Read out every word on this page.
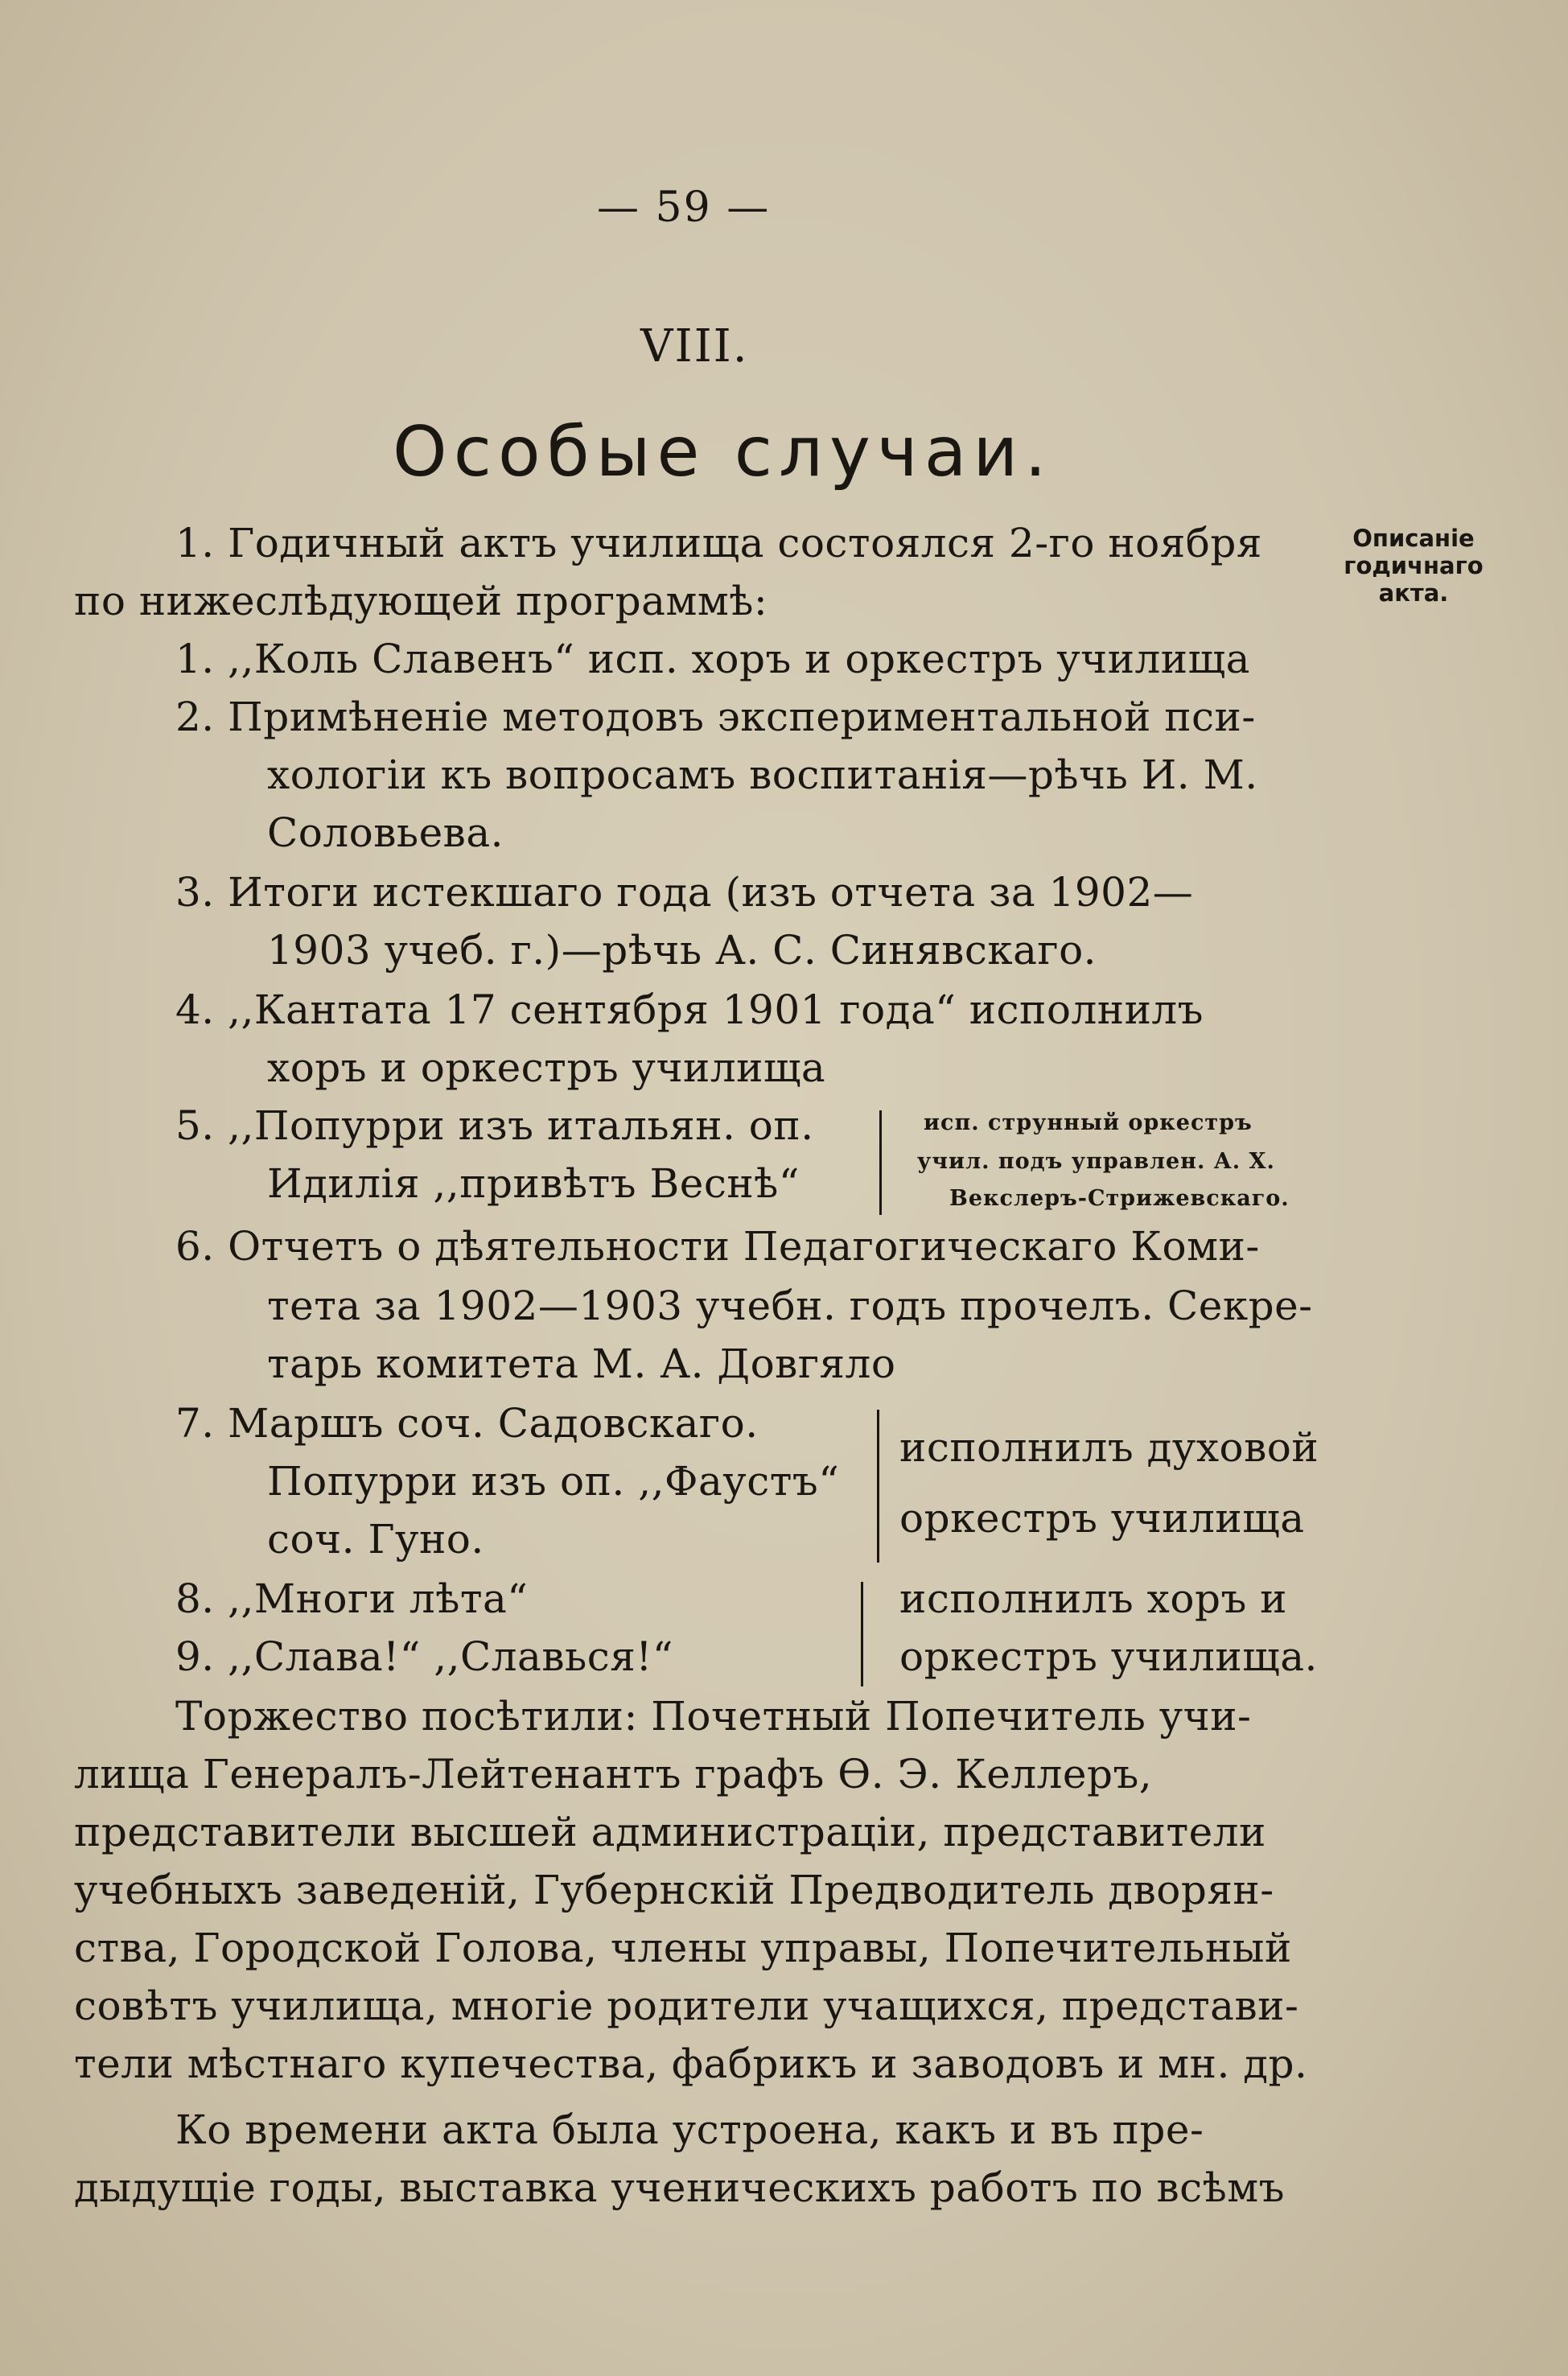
— 59 —
VIII.
Особые случаи.
Описаніе годичнаго акта.
1. Годичный актъ училища состоялся 2-го ноября
по нижеслѣдующей программѣ:
1. ,,Коль Славенъ“ исп. хоръ и оркестръ училища
2. Примѣненіе методовъ экспериментальной пси-
хологіи къ вопросамъ воспитанія—рѣчь И. М.
Соловьева.
3. Итоги истекшаго года (изъ отчета за 1902—
1903 учеб. г.)—рѣчь А. С. Синявскаго.
4. ,,Кантата 17 сентября 1901 года“ исполнилъ
хоръ и оркестръ училища
5. ,,Попурри изъ итальян. оп.
Идилія ,,привѣтъ Веснѣ“
исп. струнный оркестръ
учил. подъ управлен. А. Х.
Векслеръ-Стрижевскаго.
6. Отчетъ о дѣятельности Педагогическаго Коми-
тета за 1902—1903 учебн. годъ прочелъ. Секре-
тарь комитета М. А. Довгяло
7. Маршъ соч. Садовскаго.
Попурри изъ оп. ,,Фаустъ“
соч. Гуно.
исполнилъ духовой
оркестръ училища
8. ,,Многи лѣта“
9. ,,Слава!“ ,,Славься!“
исполнилъ хоръ и
оркестръ училища.
Торжество посѣтили: Почетный Попечитель учи-
лища Генералъ-Лейтенантъ графъ Ѳ. Э. Келлеръ,
представители высшей администраціи, представители
учебныхъ заведеній, Губернскій Предводитель дворян-
ства, Городской Голова, члены управы, Попечительный
совѣтъ училища, многіе родители учащихся, представи-
тели мѣстнаго купечества, фабрикъ и заводовъ и мн. др.
Ко времени акта была устроена, какъ и въ пре-
дыдущіе годы, выставка ученическихъ работъ по всѣмъ
